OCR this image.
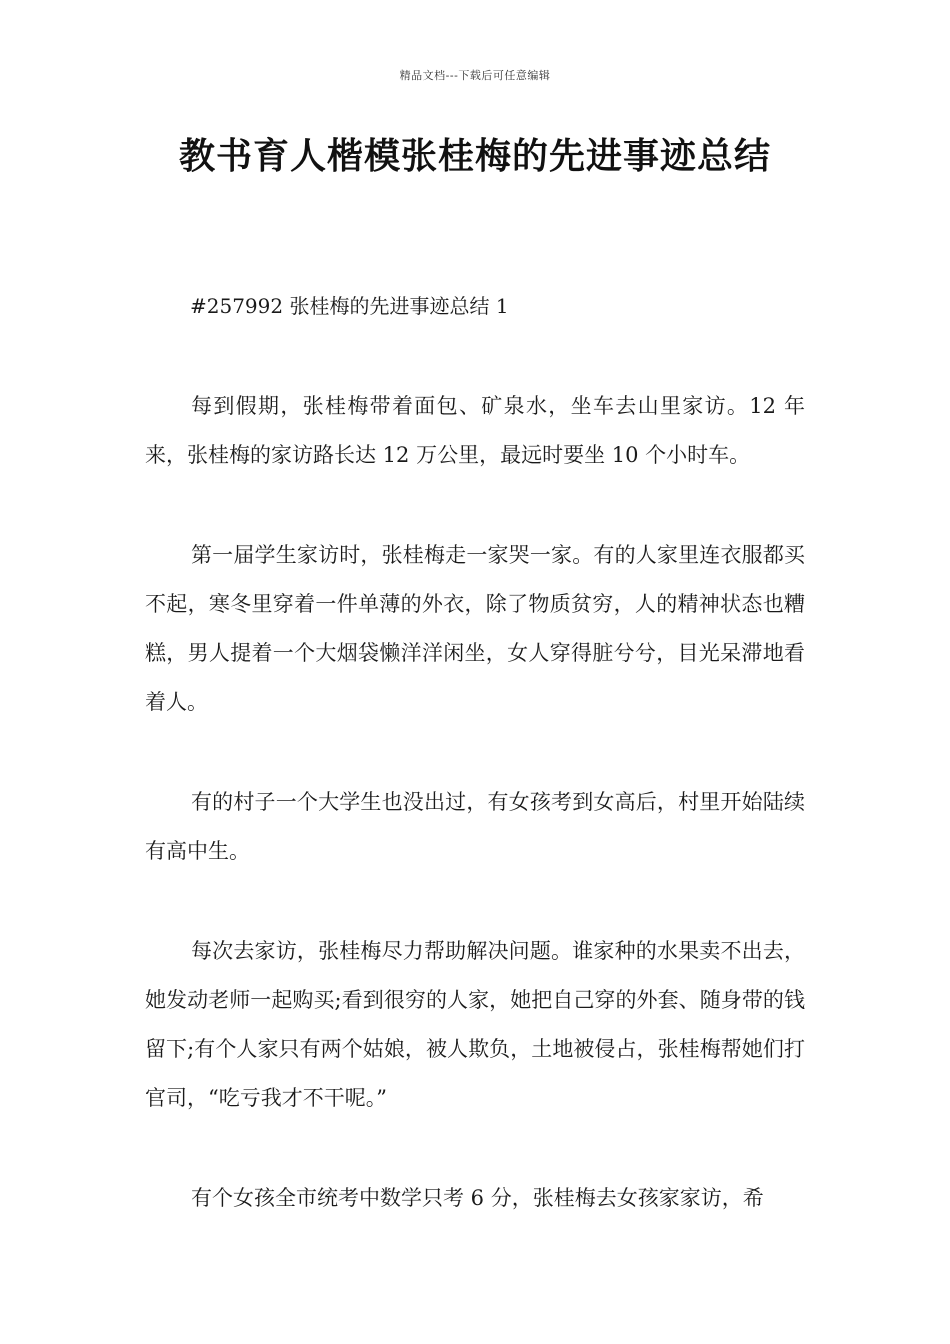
精品文档---下载后可任意编辑
教书育人楷模张桂梅的先进事迹总结
#257992 张桂梅的先进事迹总结 1

每到假期，张桂梅带着面包、矿泉水，坐车去山里家访。12 年来，张桂梅的家访路长达 12 万公里，最远时要坐 10 个小时车。

第一届学生家访时，张桂梅走一家哭一家。有的人家里连衣服都买不起，寒冬里穿着一件单薄的外衣，除了物质贫穷，人的精神状态也糟糕，男人提着一个大烟袋懒洋洋闲坐，女人穿得脏兮兮，目光呆滞地看着人。

有的村子一个大学生也没出过，有女孩考到女高后，村里开始陆续有高中生。

每次去家访，张桂梅尽力帮助解决问题。谁家种的水果卖不出去，她发动老师一起购买;看到很穷的人家，她把自己穿的外套、随身带的钱留下;有个人家只有两个姑娘，被人欺负，土地被侵占，张桂梅帮她们打官司，“吃亏我才不干呢。”

有个女孩全市统考中数学只考 6 分，张桂梅去女孩家家访，希
